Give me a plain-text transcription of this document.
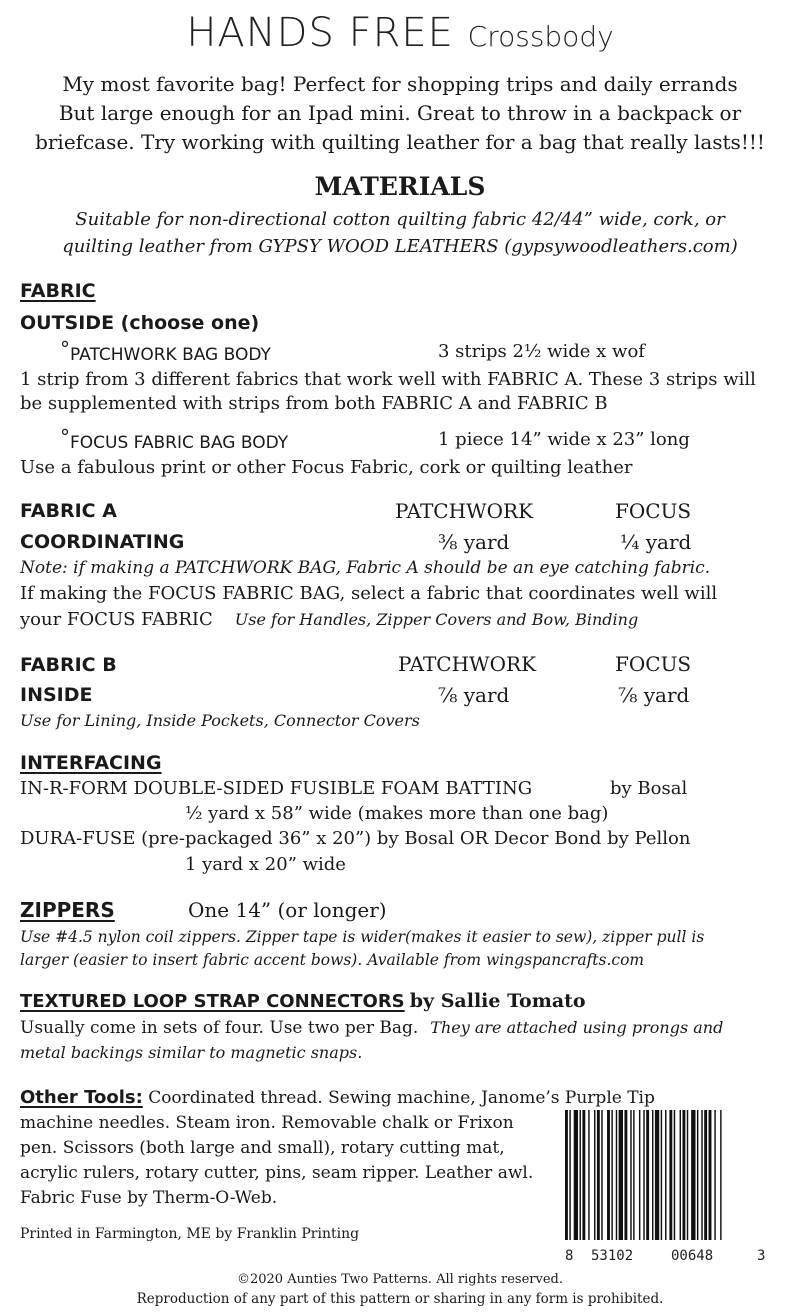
HANDS FREE Crossbody
My most favorite bag! Perfect for shopping trips and daily errands
But large enough for an Ipad mini. Great to throw in a backpack or
briefcase. Try working with quilting leather for a bag that really lasts!!!
MATERIALS
Suitable for non-directional cotton quilting fabric 42/44” wide, cork, or
quilting leather from GYPSY WOOD LEATHERS (gypsywoodleathers.com)
FABRIC
OUTSIDE (choose one)
°PATCHWORK BAG BODY	3 strips 2½ wide x wof
1 strip from 3 different fabrics that work well with FABRIC A. These 3 strips will
be supplemented with strips from both FABRIC A and FABRIC B
°FOCUS FABRIC BAG BODY	1 piece 14” wide x 23” long
Use a fabulous print or other Focus Fabric, cork or quilting leather
FABRIC A	PATCHWORK	FOCUS
COORDINATING	⅜ yard	¼ yard
Note: if making a PATCHWORK BAG, Fabric A should be an eye catching fabric.
If making the FOCUS FABRIC BAG, select a fabric that coordinates well will
your FOCUS FABRIC Use for Handles, Zipper Covers and Bow, Binding
FABRIC B	PATCHWORK	FOCUS
INSIDE	⅞ yard	⅞ yard
Use for Lining, Inside Pockets, Connector Covers
INTERFACING
IN-R-FORM DOUBLE-SIDED FUSIBLE FOAM BATTING	by Bosal
½ yard x 58” wide (makes more than one bag)
DURA-FUSE (pre-packaged 36” x 20”) by Bosal OR Decor Bond by Pellon
1 yard x 20” wide
ZIPPERS	One 14” (or longer)
Use #4.5 nylon coil zippers. Zipper tape is wider(makes it easier to sew), zipper pull is
larger (easier to insert fabric accent bows). Available from wingspancrafts.com
TEXTURED LOOP STRAP CONNECTORS by Sallie Tomato
Usually come in sets of four. Use two per Bag. They are attached using prongs and
metal backings similar to magnetic snaps.
Other Tools: Coordinated thread. Sewing machine, Janome’s Purple Tip
machine needles. Steam iron. Removable chalk or Frixon
pen. Scissors (both large and small), rotary cutting mat,
acrylic rulers, rotary cutter, pins, seam ripper. Leather awl.
Fabric Fuse by Therm-O-Web.
Printed in Farmington, ME by Franklin Printing
8 53102	00648	3
©2020 Aunties Two Patterns. All rights reserved.
Reproduction of any part of this pattern or sharing in any form is prohibited.
